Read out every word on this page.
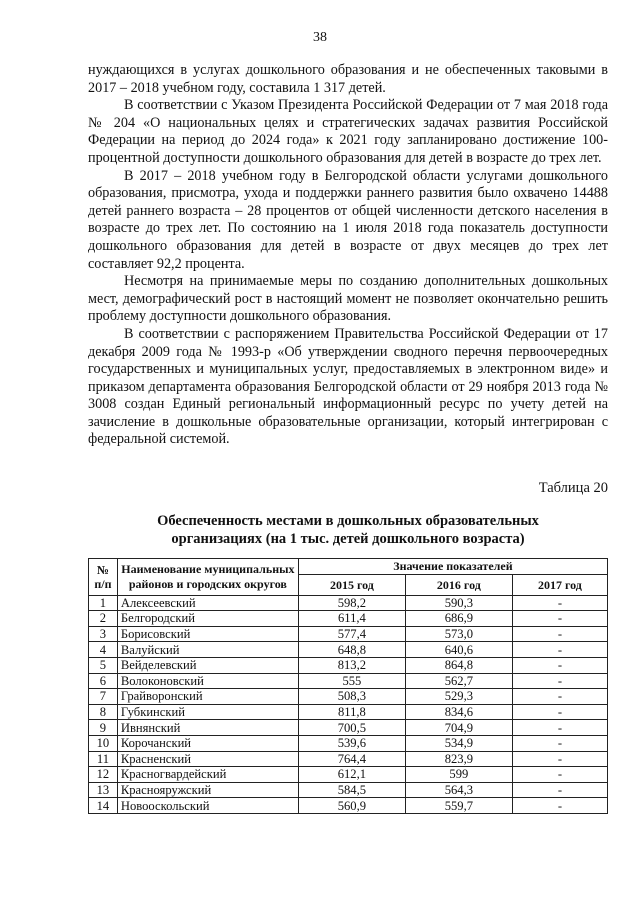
38

нуждающихся в услугах дошкольного образования и не обеспеченных таковыми в 2017 – 2018 учебном году, составила 1 317 детей.

В соответствии с Указом Президента Российской Федерации от 7 мая 2018 года № 204 «О национальных целях и стратегических задачах развития Российской Федерации на период до 2024 года» к 2021 году запланировано достижение 100-процентной доступности дошкольного образования для детей в возрасте до трех лет.

В 2017 – 2018 учебном году в Белгородской области услугами дошкольного образования, присмотра, ухода и поддержки раннего развития было охвачено 14488 детей раннего возраста – 28 процентов от общей численности детского населения в возрасте до трех лет. По состоянию на 1 июля 2018 года показатель доступности дошкольного образования для детей в возрасте от двух месяцев до трех лет составляет 92,2 процента.

Несмотря на принимаемые меры по созданию дополнительных дошкольных мест, демографический рост в настоящий момент не позволяет окончательно решить проблему доступности дошкольного образования.

В соответствии с распоряжением Правительства Российской Федерации от 17 декабря 2009 года № 1993-р «Об утверждении сводного перечня первоочередных государственных и муниципальных услуг, предоставляемых в электронном виде» и приказом департамента образования Белгородской области от 29 ноября 2013 года № 3008 создан Единый региональный информационный ресурс по учету детей на зачисление в дошкольные образовательные организации, который интегрирован с федеральной системой.

Таблица 20
Обеспеченность местами в дошкольных образовательных
организациях (на 1 тыс. детей дошкольного возраста)
№ п/п	Наименование муниципальных районов и городских округов	Значение показателей		
		2015 год	2016 год	2017 год
1	Алексеевский	598,2	590,3	-
2	Белгородский	611,4	686,9	-
3	Борисовский	577,4	573,0	-
4	Валуйский	648,8	640,6	-
5	Вейделевский	813,2	864,8	-
6	Волоконовский	555	562,7	-
7	Грайворонский	508,3	529,3	-
8	Губкинский	811,8	834,6	-
9	Ивнянский	700,5	704,9	-
10	Корочанский	539,6	534,9	-
11	Красненский	764,4	823,9	-
12	Красногвардейский	612,1	599	-
13	Краснояружский	584,5	564,3	-
14	Новооскольский	560,9	559,7	-
